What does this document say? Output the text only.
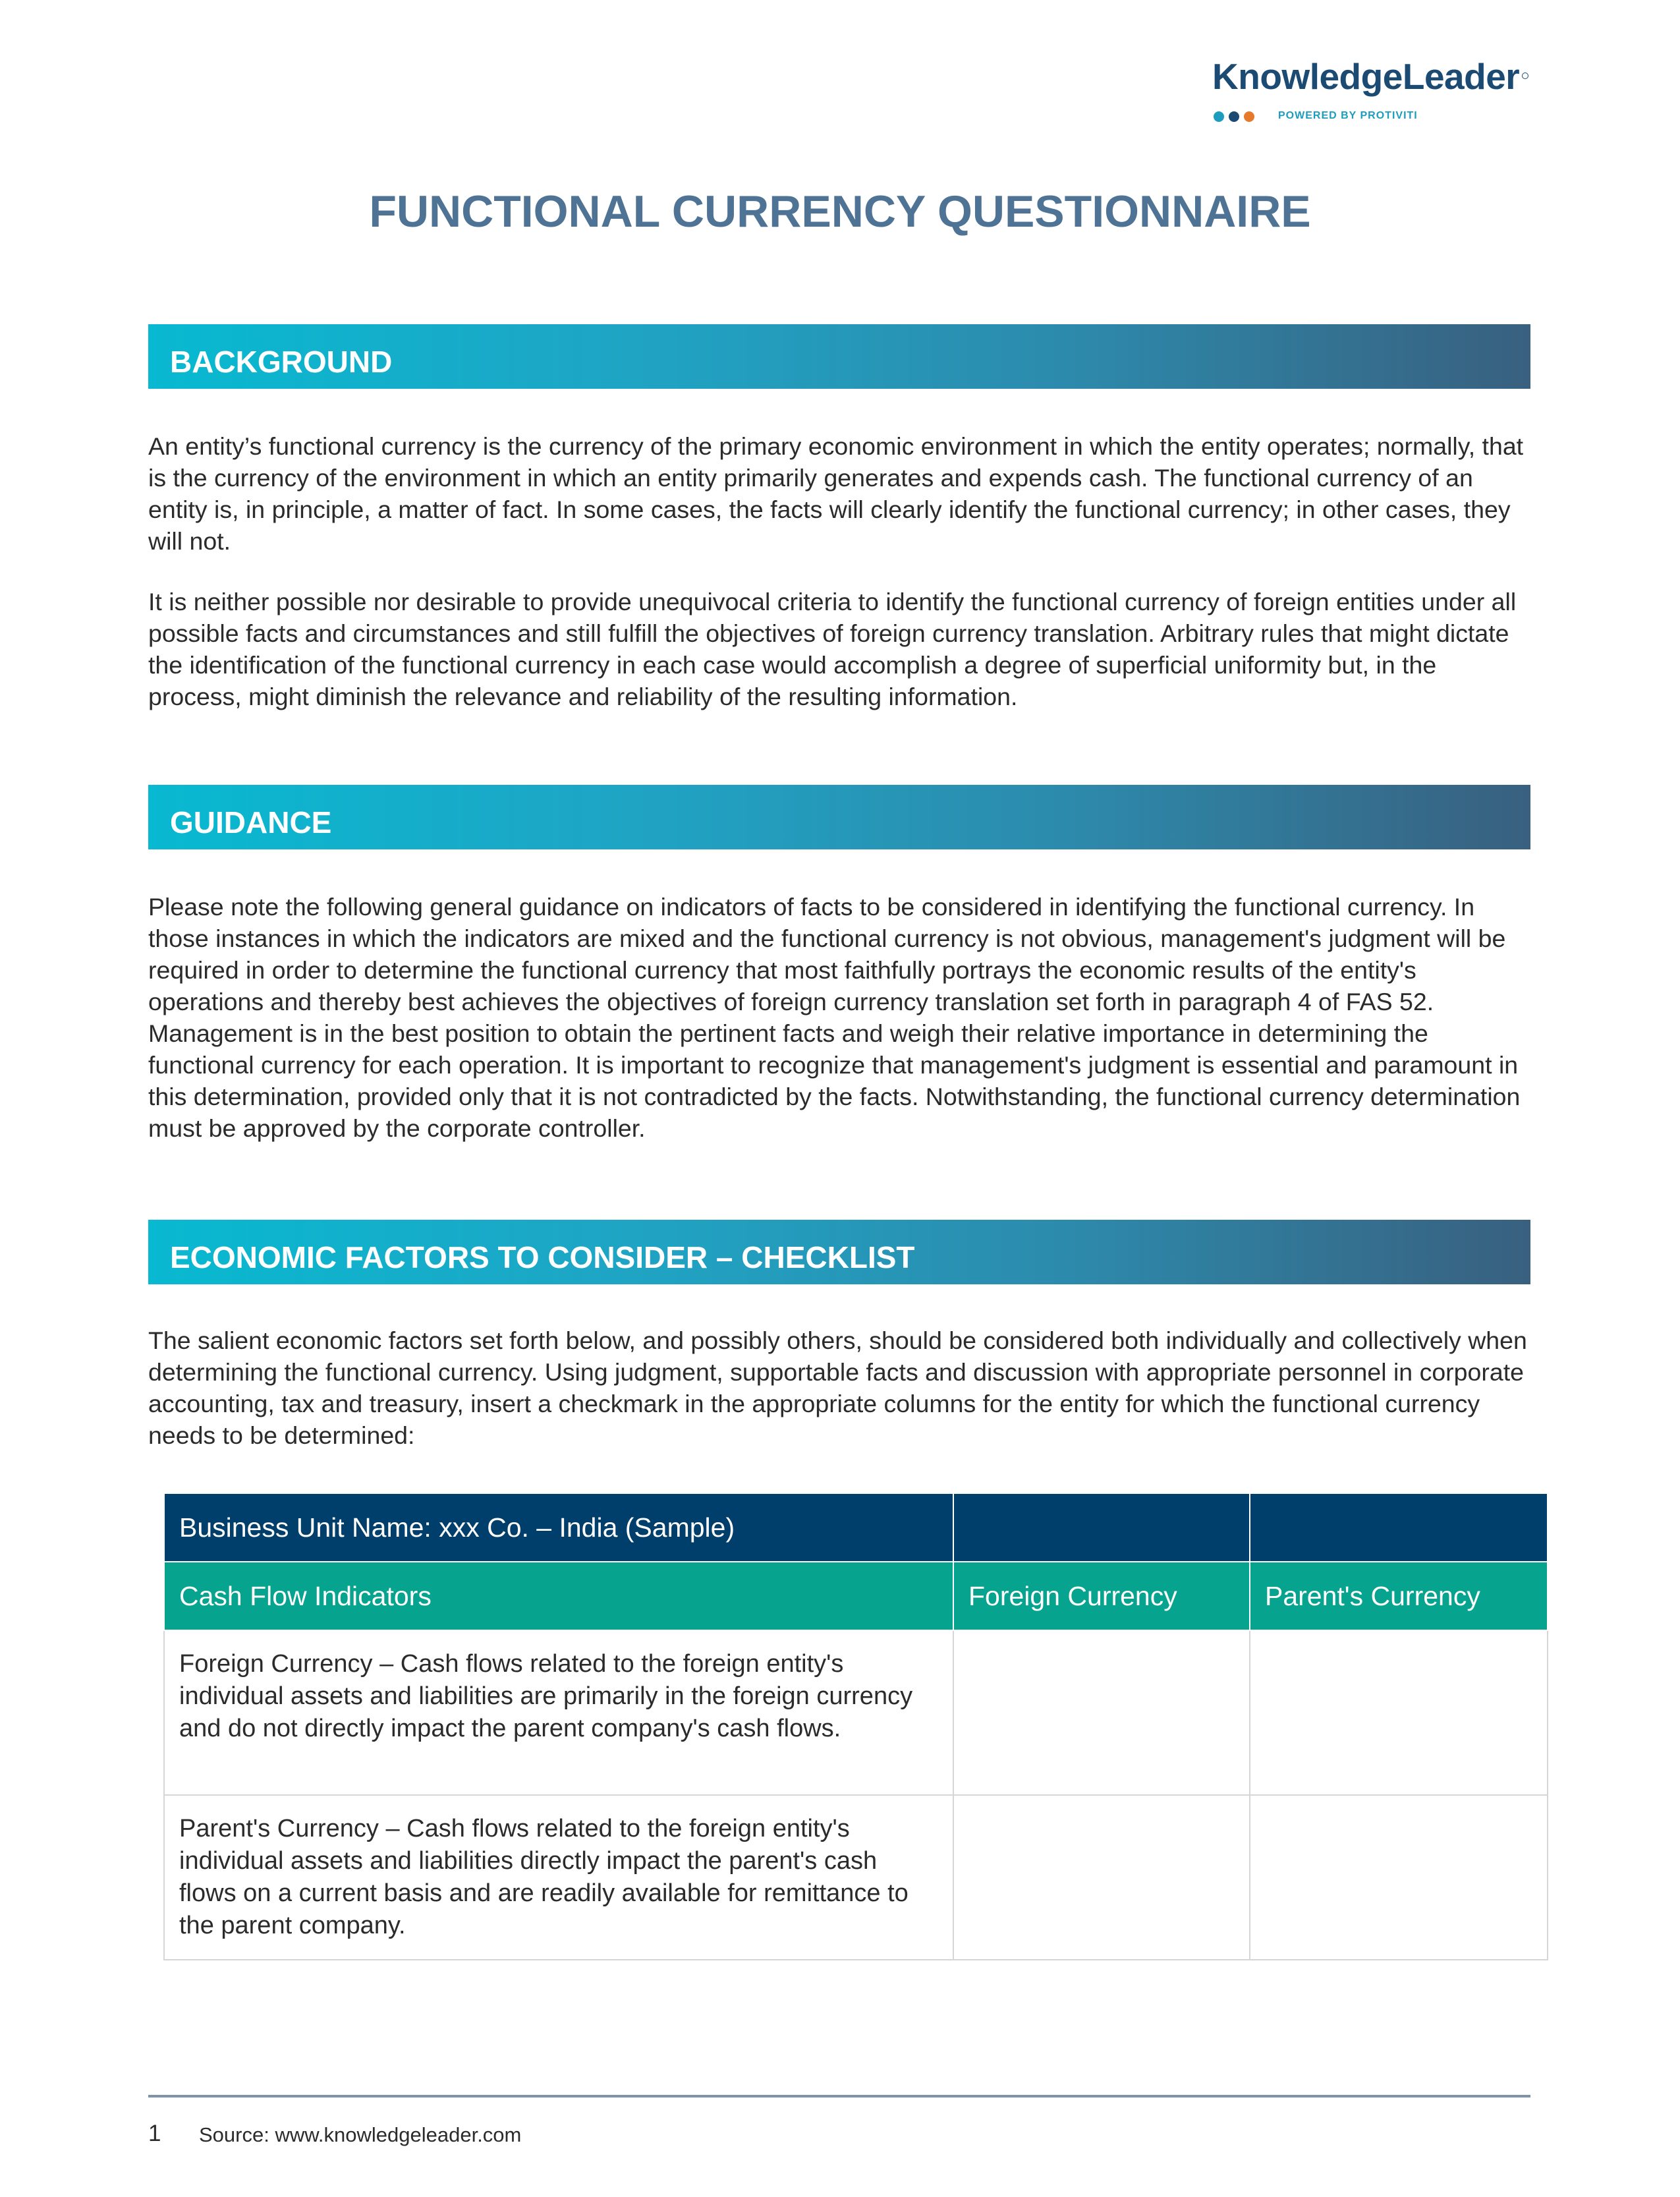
KnowledgeLeader
POWERED BY PROTIVITI
FUNCTIONAL CURRENCY QUESTIONNAIRE
BACKGROUND

An entity’s functional currency is the currency of the primary economic environment in which the entity operates; normally, that is the currency of the environment in which an entity primarily generates and expends cash. The functional currency of an entity is, in principle, a matter of fact. In some cases, the facts will clearly identify the functional currency; in other cases, they will not.

It is neither possible nor desirable to provide unequivocal criteria to identify the functional currency of foreign entities under all possible facts and circumstances and still fulfill the objectives of foreign currency translation. Arbitrary rules that might dictate the identification of the functional currency in each case would accomplish a degree of superficial uniformity but, in the process, might diminish the relevance and reliability of the resulting information.

GUIDANCE

Please note the following general guidance on indicators of facts to be considered in identifying the functional currency. In those instances in which the indicators are mixed and the functional currency is not obvious, management's judgment will be required in order to determine the functional currency that most faithfully portrays the economic results of the entity's operations and thereby best achieves the objectives of foreign currency translation set forth in paragraph 4 of FAS 52. Management is in the best position to obtain the pertinent facts and weigh their relative importance in determining the functional currency for each operation. It is important to recognize that management's judgment is essential and paramount in this determination, provided only that it is not contradicted by the facts. Notwithstanding, the functional currency determination must be approved by the corporate controller.

ECONOMIC FACTORS TO CONSIDER – CHECKLIST

The salient economic factors set forth below, and possibly others, should be considered both individually and collectively when determining the functional currency. Using judgment, supportable facts and discussion with appropriate personnel in corporate accounting, tax and treasury, insert a checkmark in the appropriate columns for the entity for which the functional currency needs to be determined:

Business Unit Name: xxx Co. – India (Sample)		
Cash Flow Indicators	Foreign Currency	Parent's Currency
Foreign Currency – Cash flows related to the foreign entity's individual assets and liabilities are primarily in the foreign currency and do not directly impact the parent company's cash flows.		
Parent's Currency – Cash flows related to the foreign entity's individual assets and liabilities directly impact the parent's cash flows on a current basis and are readily available for remittance to the parent company.		
1 Source: www.knowledgeleader.com
